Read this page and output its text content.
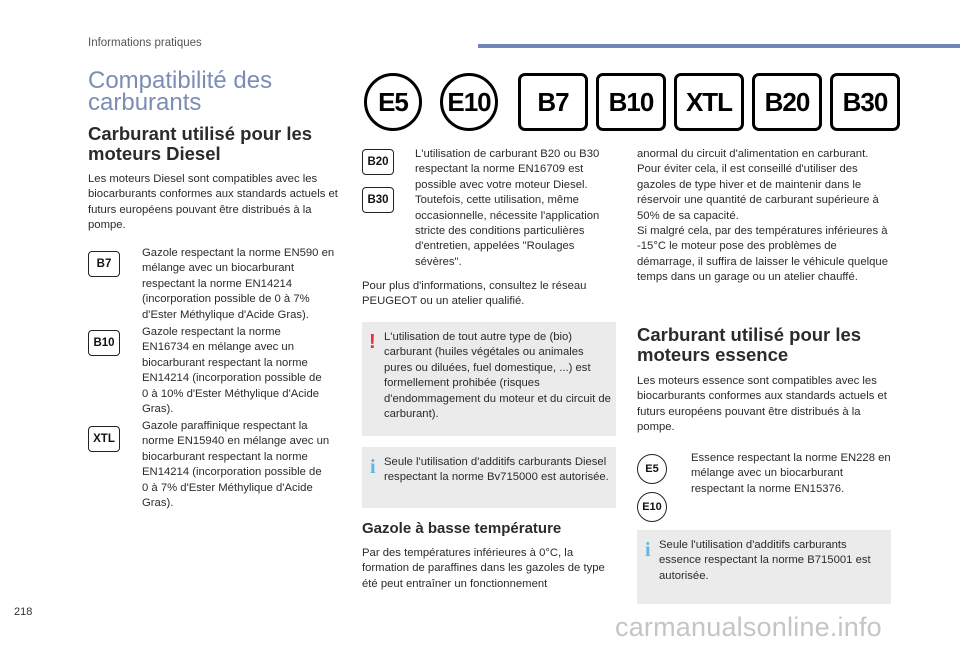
Informations pratiques
Compatibilité des
carburants	E5	E10	B7	B10	XTL	B20	B30
Carburant utilisé pour les
moteurs Diesel
Les moteurs Diesel sont compatibles avec les biocarburants conformes aux standards actuels et futurs européens pouvant être distribués à la pompe.
B7
Gazole respectant la norme EN590 en mélange avec un biocarburant respectant la norme EN14214 (incorporation possible de 0 à 7% d'Ester Méthylique d'Acide Gras).
B10
Gazole respectant la norme EN16734 en mélange avec un biocarburant respectant la norme EN14214 (incorporation possible de 0 à 10% d'Ester Méthylique d'Acide Gras).
XTL
Gazole paraffinique respectant la norme EN15940 en mélange avec un biocarburant respectant la norme EN14214 (incorporation possible de 0 à 7% d'Ester Méthylique d'Acide Gras).
B20
B30
L'utilisation de carburant B20 ou B30 respectant la norme EN16709 est possible avec votre moteur Diesel. Toutefois, cette utilisation, même occasionnelle, nécessite l'application stricte des conditions particulières d'entretien, appelées "Roulages sévères".
Pour plus d'informations, consultez le réseau PEUGEOT ou un atelier qualifié.
! L'utilisation de tout autre type de (bio) carburant (huiles végétales ou animales pures ou diluées, fuel domestique, ...) est formellement prohibée (risques d'endommagement du moteur et du circuit de carburant).
i Seule l'utilisation d'additifs carburants Diesel respectant la norme Bv715000 est autorisée.
Gazole à basse température
Par des températures inférieures à 0°C, la formation de paraffines dans les gazoles de type été peut entraîner un fonctionnement
anormal du circuit d'alimentation en carburant. Pour éviter cela, il est conseillé d'utiliser des gazoles de type hiver et de maintenir dans le réservoir une quantité de carburant supérieure à 50% de sa capacité.
Si malgré cela, par des températures inférieures à -15°C le moteur pose des problèmes de démarrage, il suffira de laisser le véhicule quelque temps dans un garage ou un atelier chauffé.
Carburant utilisé pour les
moteurs essence
Les moteurs essence sont compatibles avec les biocarburants conformes aux standards actuels et futurs européens pouvant être distribués à la pompe.
E5
E10
Essence respectant la norme EN228 en mélange avec un biocarburant respectant la norme EN15376.
i Seule l'utilisation d'additifs carburants essence respectant la norme B715001 est autorisée.
218	carmanualsonline.info
